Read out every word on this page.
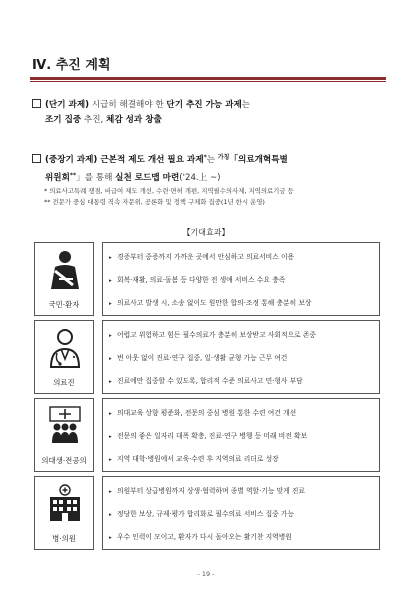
Ⅳ. 추진 계획
(단기 과제) 시급히 해결해야 한 단기 추진 가능 과제는
조기 집중 추진, 체감 성과 창출
(중장기 과제) 근본적 제도 개선 필요 과제*는 $^{가칭}$「의료개혁특별
위원회**」를 통해 실천 로드맵 마련('24.上 ~)
* 의료사고특례 쟁점, 비급여 제도 개선, 수련·면허 개편, 지역필수의사제, 지역의료기금 등
** 전문가 중심 대통령 직속 자문위, 공론화 및 정책 구체화 집중(1년 한시 운영)
【기대효과】
국민·환자
▸ 경증부터 중증까지 가까운 곳에서 안심하고 의료서비스 이용
▸ 회복·재활, 의료·돌봄 등 다양한 전 생애 서비스 수요 충족
▸ 의료사고 발생 시, 소송 없이도 원만한 합의·조정 통해 충분히 보상
의료진
▸ 어렵고 위험하고 힘든 필수의료가 충분히 보상받고 사회적으로 존중
▸ 번 아웃 없이 진료·연구 집중, 일·생활 균형 가능 근무 여건
▸ 진료에만 집중할 수 있도록, 합리적 수준 의료사고 민·형사 부담
의대생·전공의
▸ 의대교육 상향 평준화, 전문의 중심 병원 통한 수련 여건 개선
▸ 전문의 좋은 일자리 대폭 확충, 진료·연구 병행 등 미래 비전 확보
▸ 지역 대학·병원에서 교육·수련 후 지역의료 리더로 성장
병·의원
▸ 의원부터 상급병원까지 상생·협력하며 종별 역할·기능 맞게 진료
▸ 정당한 보상, 규제·평가 합리화로 필수의료 서비스 집중 가능
▸ 우수 인력이 모이고, 환자가 다시 돌아오는 활기찬 지역병원
- 19 -
